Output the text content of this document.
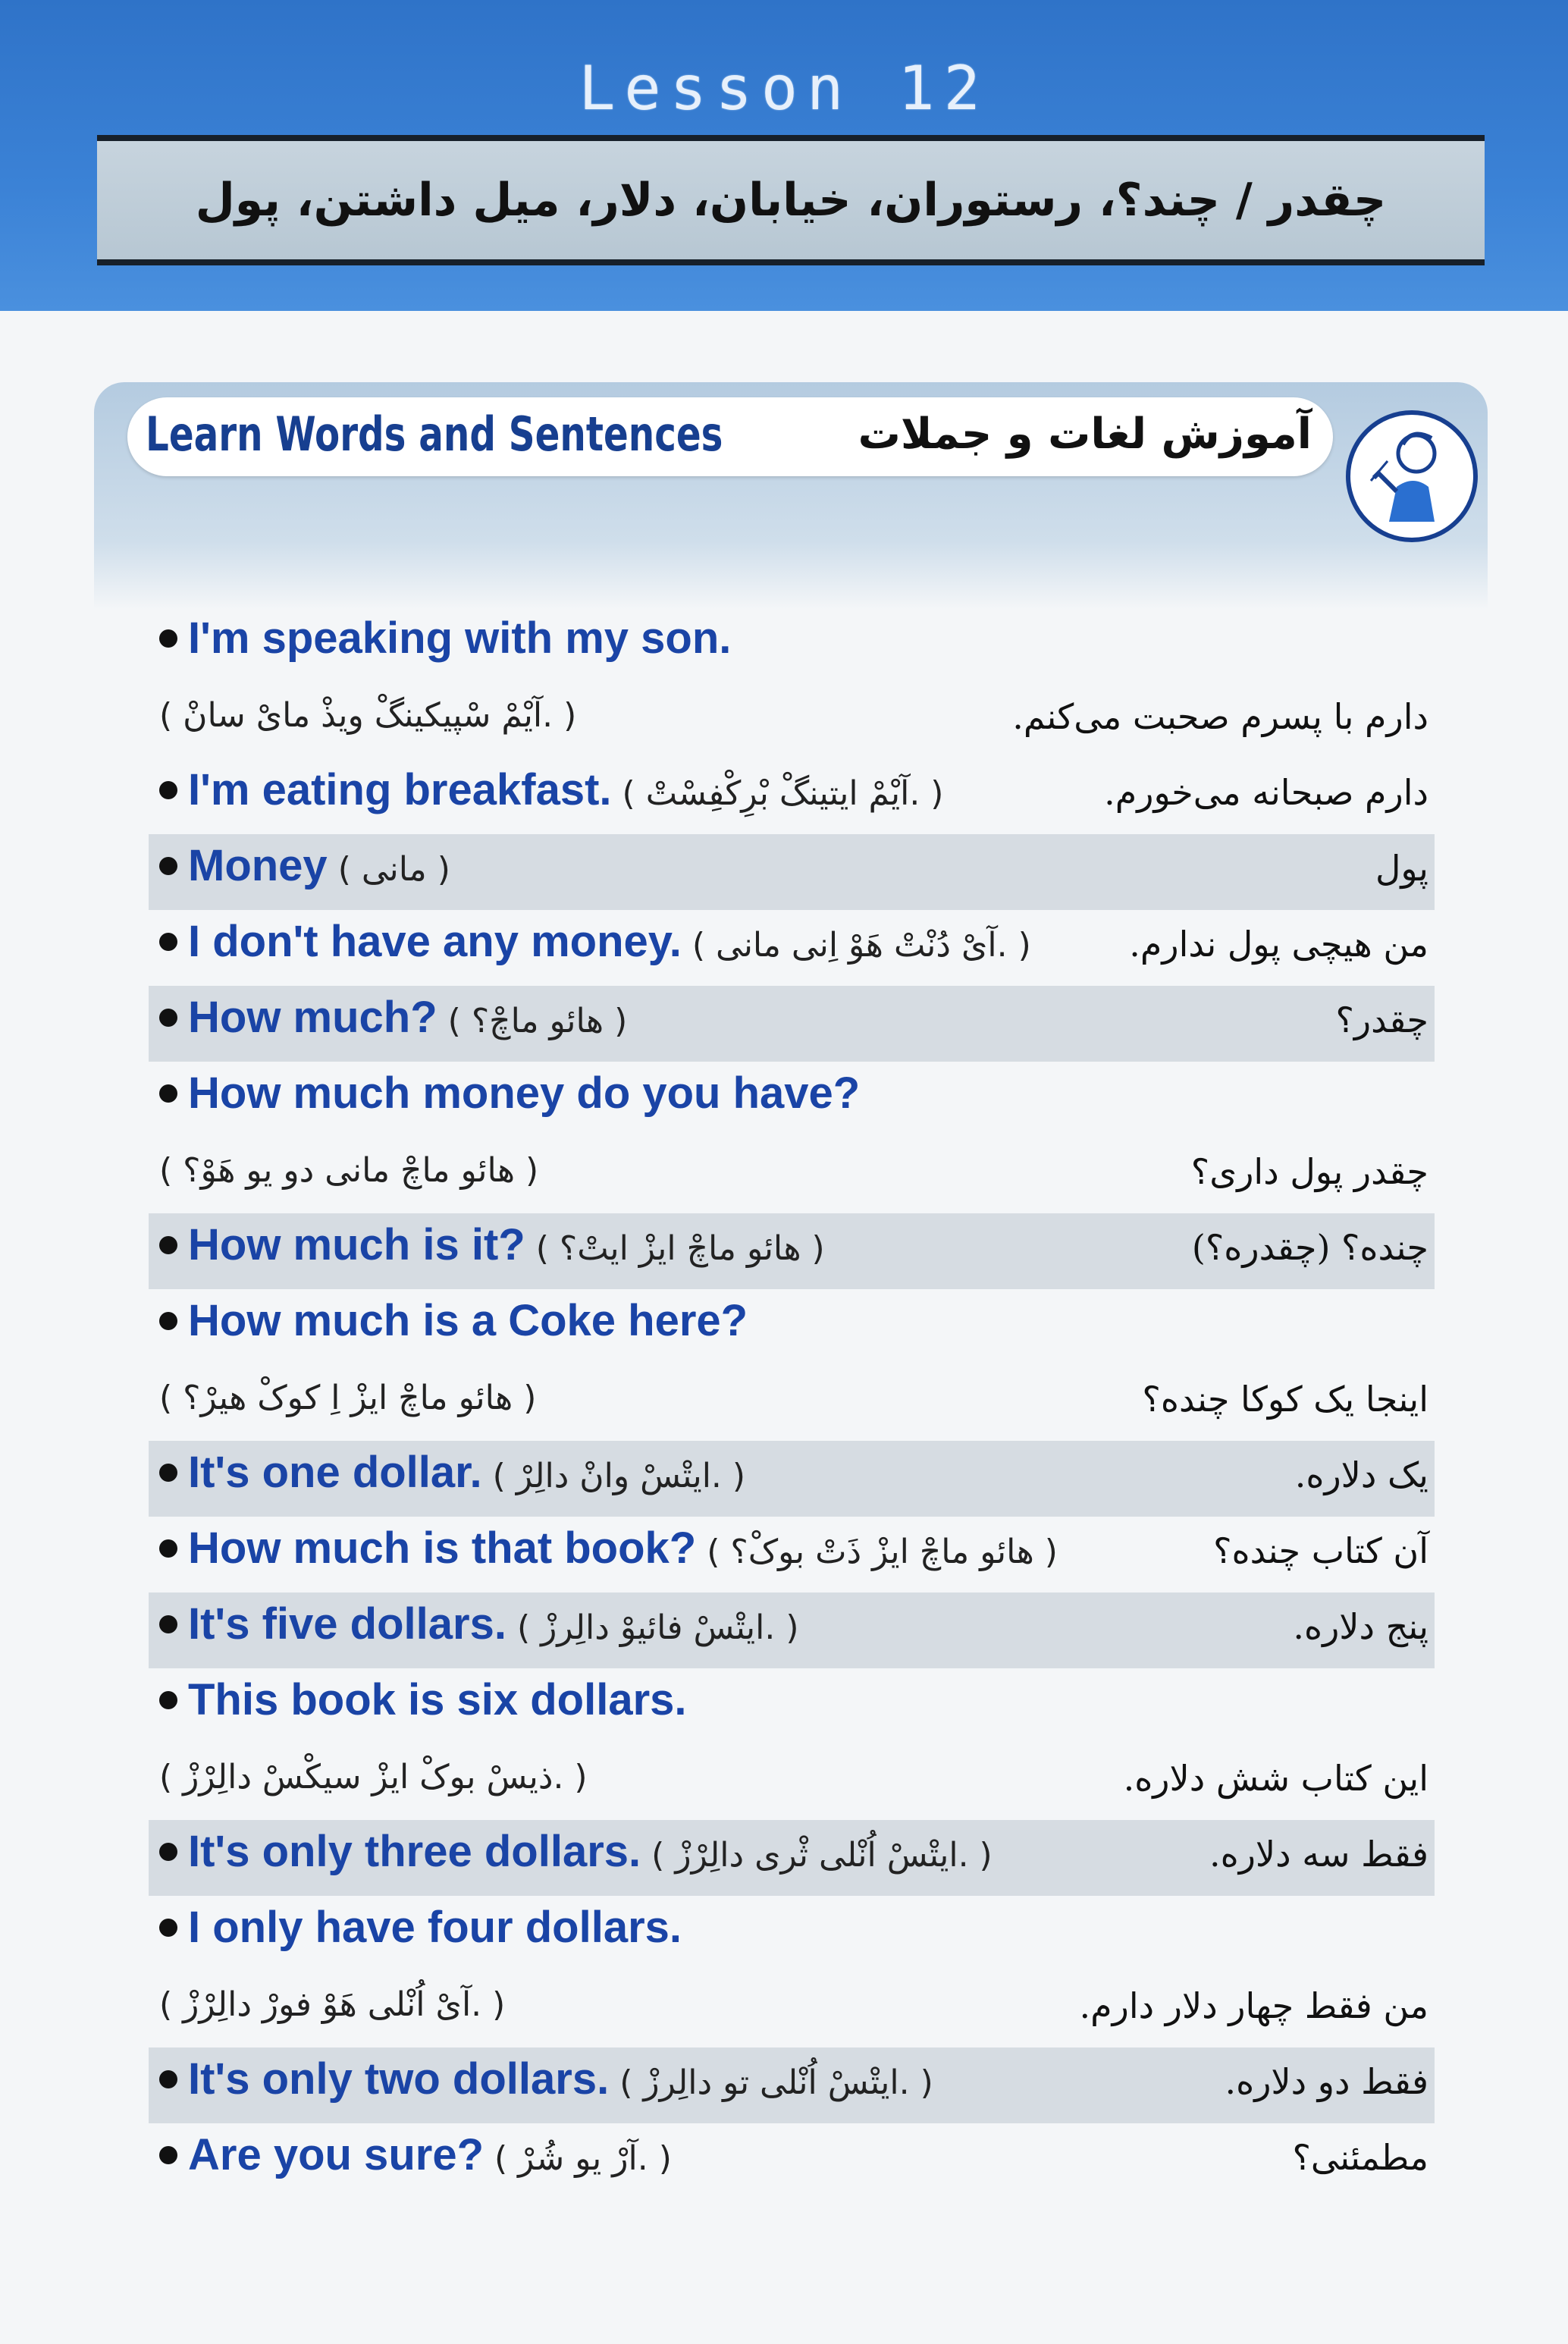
Lesson 12
چقدر / چند؟، رستوران، خیابان، دلار، میل داشتن، پول
Learn Words and Sentences	آموزش لغات و جملات
I'm speaking with my son.
( آیْمْ سْپیکینگْ ویذْ مایْ سانْ. )	دارم با پسرم صحبت می‌کنم.
I'm eating breakfast. ( آیْمْ ایتینگْ بْرِکْفِسْتْ. )	دارم صبحانه می‌خورم.
Money ( مانی )	پول
I don't have any money. ( آیْ دُنْتْ هَوْ اِنی مانی. )	من هیچی پول ندارم.
How much? ( هائو ماچْ؟ )	چقدر؟
How much money do you have?
( هائو ماچْ مانی دو یو هَوْ؟ )	چقدر پول داری؟
How much is it? ( هائو ماچْ ایزْ ایتْ؟ )	چنده؟ (چقدره؟)
How much is a Coke here?
( هائو ماچْ ایزْ اِ کوکْ هیرْ؟ )	اینجا یک کوکا چنده؟
It's one dollar. ( ایتْسْ وانْ دالِرْ. )	یک دلاره.
How much is that book? ( هائو ماچْ ایزْ ذَتْ بوکْ؟ )	آن کتاب چنده؟
It's five dollars. ( ایتْسْ فائیوْ دالِرزْ. )	پنج دلاره.
This book is six dollars.
( ذیسْ بوکْ ایزْ سیکْسْ دالِرْزْ. )	این کتاب شش دلاره.
It's only three dollars. ( ایتْسْ اُنْلی ثْری دالِرْزْ. )	فقط سه دلاره.
I only have four dollars.
( آیْ اُنْلی هَوْ فورْ دالِرْزْ. )	من فقط چهار دلار دارم.
It's only two dollars. ( ایتْسْ اُنْلی تو دالِرزْ. )	فقط دو دلاره.
Are you sure? ( آرْ یو شُرْ. )	مطمئنی؟
